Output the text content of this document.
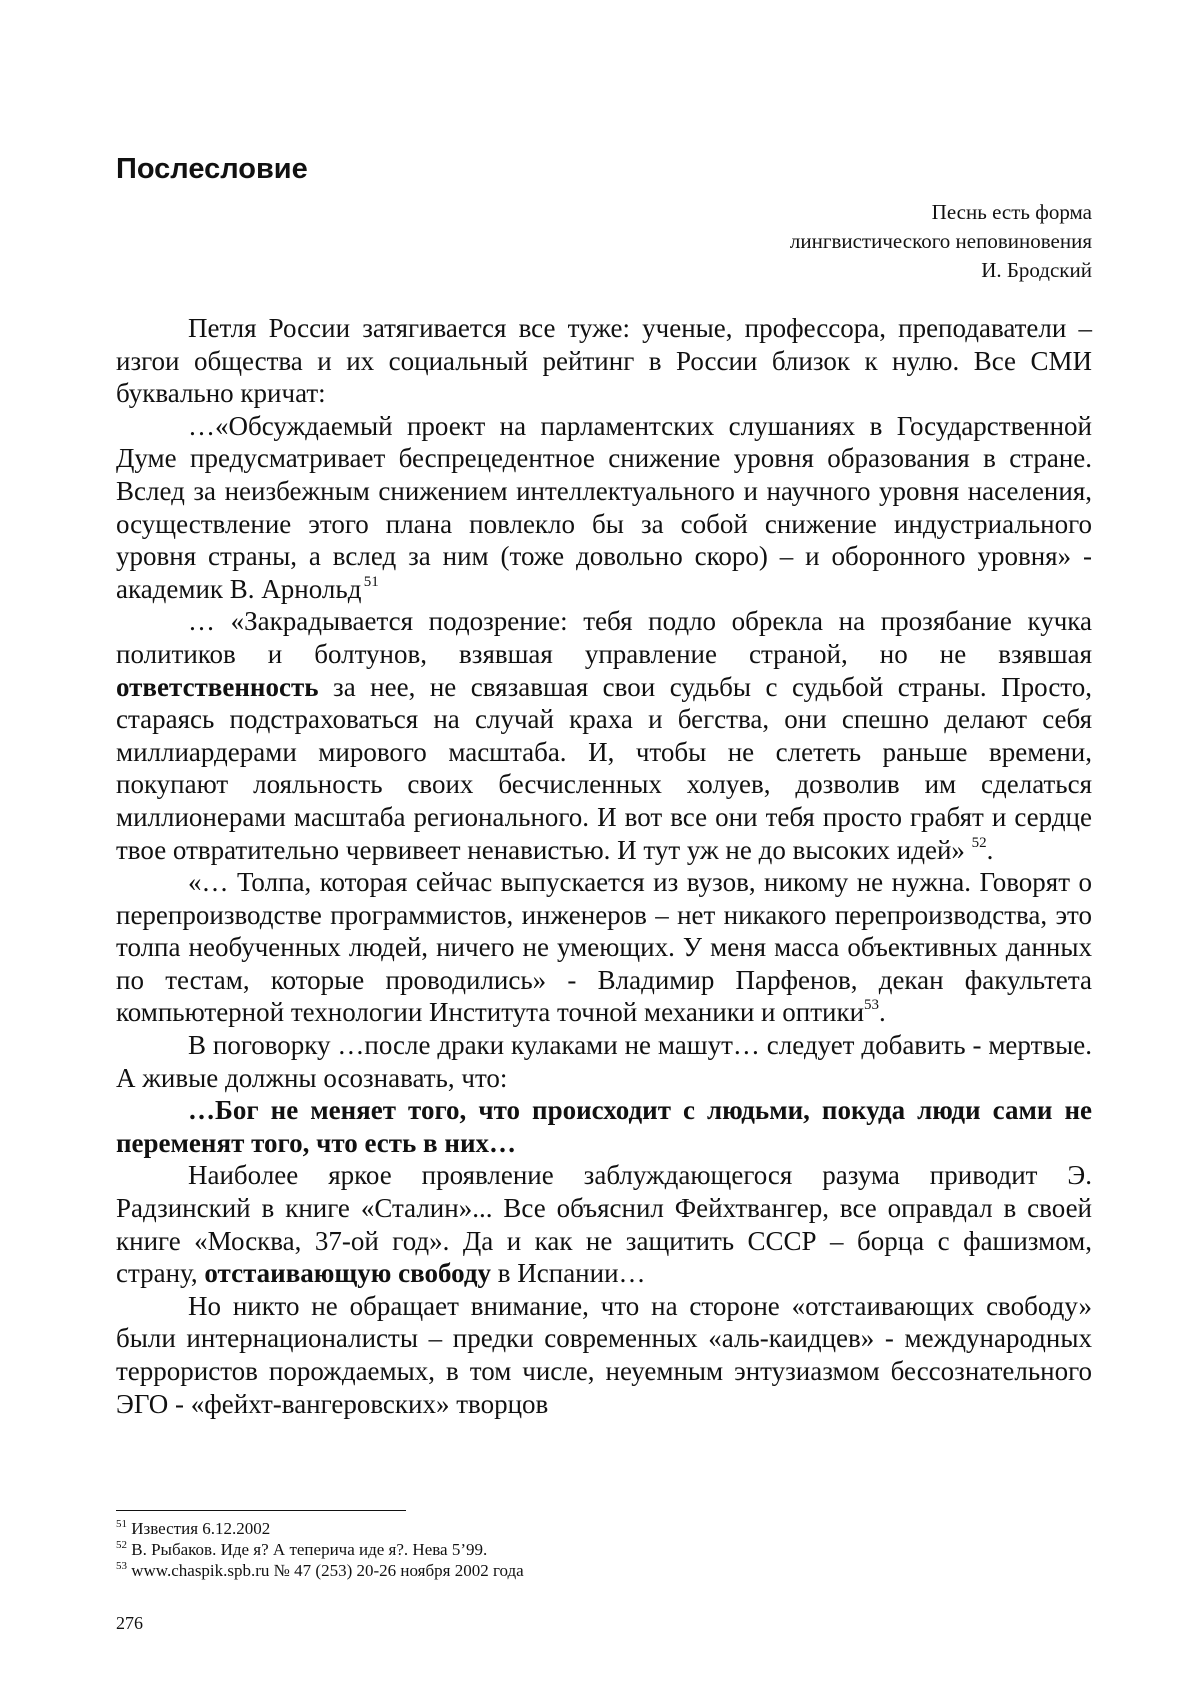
Послесловие
Песнь есть форма
лингвистического неповиновения
И. Бродский

Петля России затягивается все туже: ученые, профессора, преподаватели – изгои общества и их социальный рейтинг в России близок к нулю. Все СМИ буквально кричат:

…«Обсуждаемый проект на парламентских слушаниях в Государственной Думе предусматривает беспрецедентное снижение уровня образования в стране. Вслед за неизбежным снижением интеллектуального и научного уровня населения, осуществление этого плана повлекло бы за собой снижение индустриального уровня страны, а вслед за ним (тоже довольно скоро) – и оборонного уровня» - академик В. Арнольд  $^{51}$

… «Закрадывается подозрение: тебя подло обрекла на прозябание кучка политиков и болтунов, взявшая управление страной, но не взявшая ответственность за нее, не связавшая свои судьбы с судьбой страны. Просто, стараясь подстраховаться на случай краха и бегства, они спешно делают себя миллиардерами мирового масштаба. И, чтобы не слететь раньше времени, покупают лояльность своих бесчисленных холуев, дозволив им сделаться миллионерами масштаба регионального. И вот все они тебя просто грабят и сердце твое отвратительно червивеет ненавистью. И тут уж не до высоких идей» $^{52}$.

«… Толпа, которая сейчас выпускается из вузов, никому не нужна. Говорят о перепроизводстве программистов, инженеров – нет никакого перепроизводства, это толпа необученных людей, ничего не умеющих. У меня масса объективных данных по тестам, которые проводились» - Владимир Парфенов, декан факультета компьютерной технологии Института точной механики и оптики$^{53}$.

В поговорку …после драки кулаками не машут… следует добавить - мертвые. А живые должны осознавать, что:

…Бог не меняет того, что происходит с людьми, покуда люди сами не переменят того, что есть в них…

Наиболее яркое проявление заблуждающегося разума приводит Э. Радзинский в книге «Сталин»... Все объяснил Фейхтвангер, все оправдал в своей книге «Москва, 37-ой год». Да и как не защитить СССР – борца с фашизмом, страну, отстаивающую свободу в Испании…

Но никто не обращает внимание, что на стороне «отстаивающих свободу» были интернационалисты – предки современных «аль-каидцев» - международных террористов порождаемых, в том числе, неуемным энтузиазмом бессознательного ЭГО - «фейхт-вангеровских» творцов

$^{51}$ Известия 6.12.2002
$^{52}$ В. Рыбаков. Иде я? А теперича иде я?. Нева 5’99.
$^{53}$ www.chaspik.spb.ru № 47 (253) 20-26 ноября 2002 года
276
